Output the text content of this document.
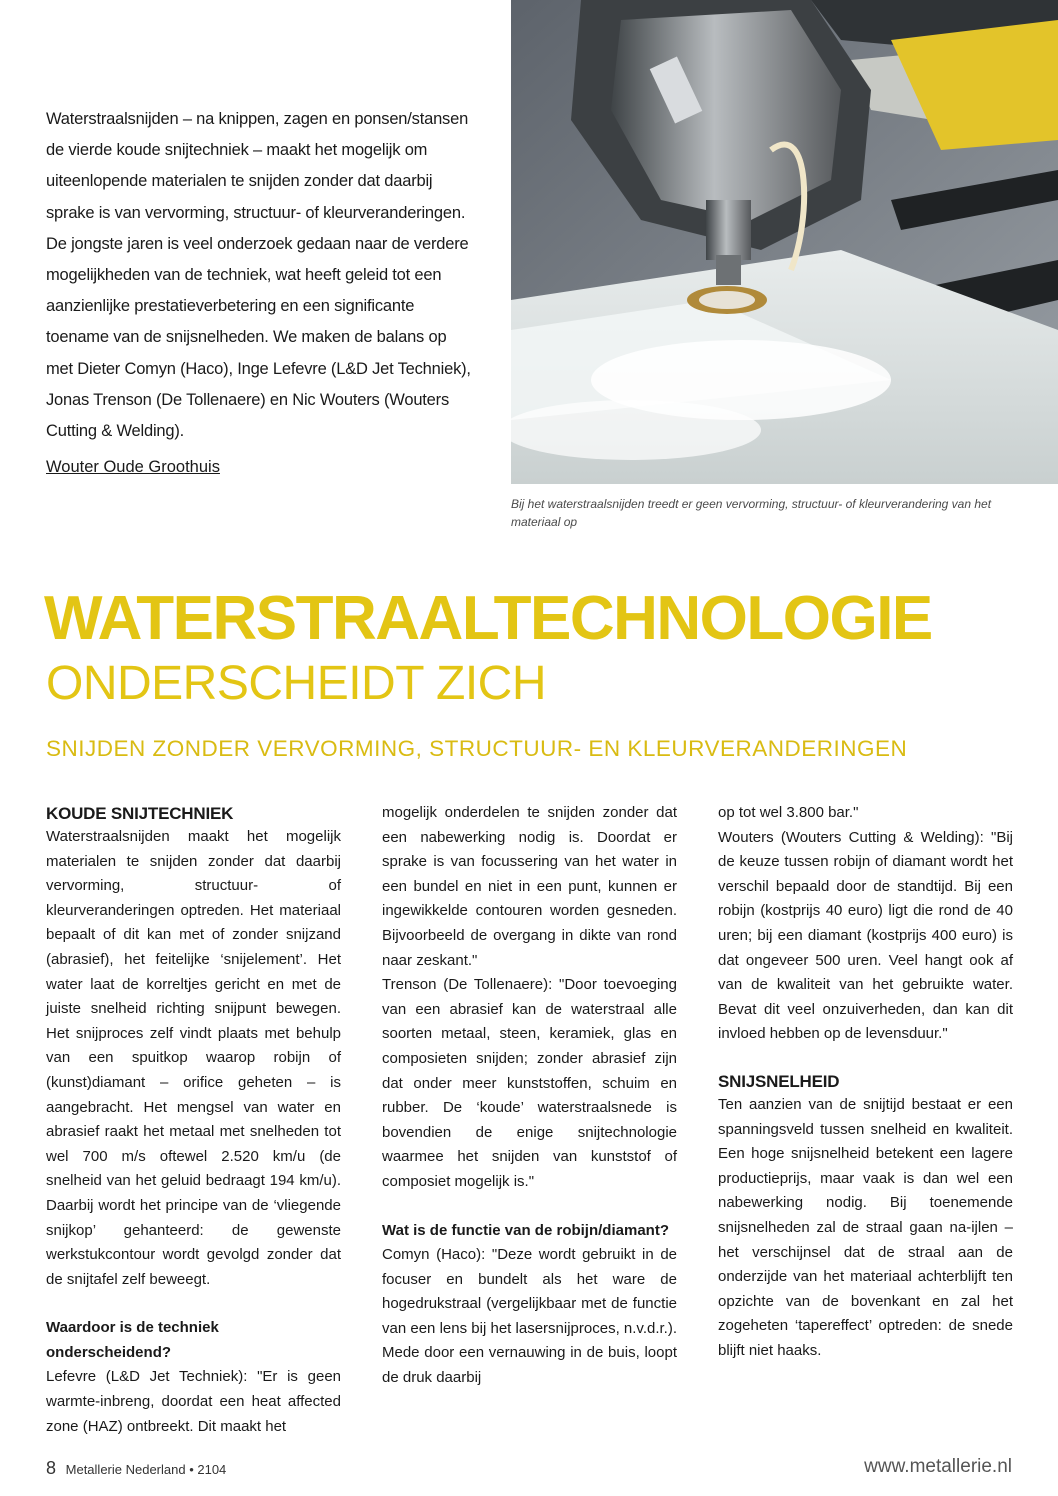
Waterstraalsnijden – na knippen, zagen en ponsen/stansen de vierde koude snijtechniek – maakt het mogelijk om uiteenlopende materialen te snijden zonder dat daarbij sprake is van vervorming, structuur- of kleurveranderingen. De jongste jaren is veel onderzoek gedaan naar de verdere mogelijkheden van de techniek, wat heeft geleid tot een aanzienlijke prestatieverbetering en een significante toename van de snijsnelheden. We maken de balans op met Dieter Comyn (Haco), Inge Lefevre (L&D Jet Techniek), Jonas Trenson (De Tollenaere) en Nic Wouters (Wouters Cutting & Welding).

Wouter Oude Groothuis
Bij het waterstraalsnijden treedt er geen vervorming, structuur- of kleurverandering van het materiaal op
WATERSTRAALTECHNOLOGIE
ONDERSCHEIDT ZICH
SNIJDEN ZONDER VERVORMING, STRUCTUUR- EN KLEURVERANDERINGEN
KOUDE SNIJTECHNIEK

Waterstraalsnijden maakt het mogelijk materialen te snijden zonder dat daarbij vervorming, structuur- of kleurveranderingen optreden. Het materiaal bepaalt of dit kan met of zonder snijzand (abrasief), het feitelijke ‘snijelement’. Het water laat de korreltjes gericht en met de juiste snelheid richting snijpunt bewegen. Het snijproces zelf vindt plaats met behulp van een spuitkop waarop robijn of (kunst)diamant – orifice geheten – is aangebracht. Het mengsel van water en abrasief raakt het metaal met snelheden tot wel 700 m/s oftewel 2.520 km/u (de snelheid van het geluid bedraagt 194 km/u). Daarbij wordt het principe van de ‘vliegende snijkop’ gehanteerd: de gewenste werkstukcontour wordt gevolgd zonder dat de snijtafel zelf beweegt.

Waardoor is de techniek onderscheidend?

Lefevre (L&D Jet Techniek): "Er is geen warmte-inbreng, doordat een heat affected zone (HAZ) ontbreekt. Dit maakt het

mogelijk onderdelen te snijden zonder dat een nabewerking nodig is. Doordat er sprake is van focussering van het water in een bundel en niet in een punt, kunnen er ingewikkelde contouren worden gesneden. Bijvoorbeeld de overgang in dikte van rond naar zeskant."

Trenson (De Tollenaere): "Door toevoeging van een abrasief kan de waterstraal alle soorten metaal, steen, keramiek, glas en composieten snijden; zonder abrasief zijn dat onder meer kunststoffen, schuim en rubber. De ‘koude’ waterstraalsnede is bovendien de enige snijtechnologie waarmee het snijden van kunststof of composiet mogelijk is."

Wat is de functie van de robijn/diamant?

Comyn (Haco): "Deze wordt gebruikt in de focuser en bundelt als het ware de hogedrukstraal (vergelijkbaar met de functie van een lens bij het lasersnijproces, n.v.d.r.). Mede door een vernauwing in de buis, loopt de druk daarbij

op tot wel 3.800 bar."

Wouters (Wouters Cutting & Welding): "Bij de keuze tussen robijn of diamant wordt het verschil bepaald door de standtijd. Bij een robijn (kostprijs 40 euro) ligt die rond de 40 uren; bij een diamant (kostprijs 400 euro) is dat ongeveer 500 uren. Veel hangt ook af van de kwaliteit van het gebruikte water. Bevat dit veel onzuiverheden, dan kan dit invloed hebben op de levensduur."

SNIJSNELHEID

Ten aanzien van de snijtijd bestaat er een spanningsveld tussen snelheid en kwaliteit. Een hoge snijsnelheid betekent een lagere productieprijs, maar vaak is dan wel een nabewerking nodig. Bij toenemende snijsnelheden zal de straal gaan na-ijlen – het verschijnsel dat de straal aan de onderzijde van het materiaal achterblijft ten opzichte van de bovenkant en zal het zogeheten ‘tapereffect’ optreden: de snede blijft niet haaks.

8 Metallerie Nederland • 2104	www.metallerie.nl
